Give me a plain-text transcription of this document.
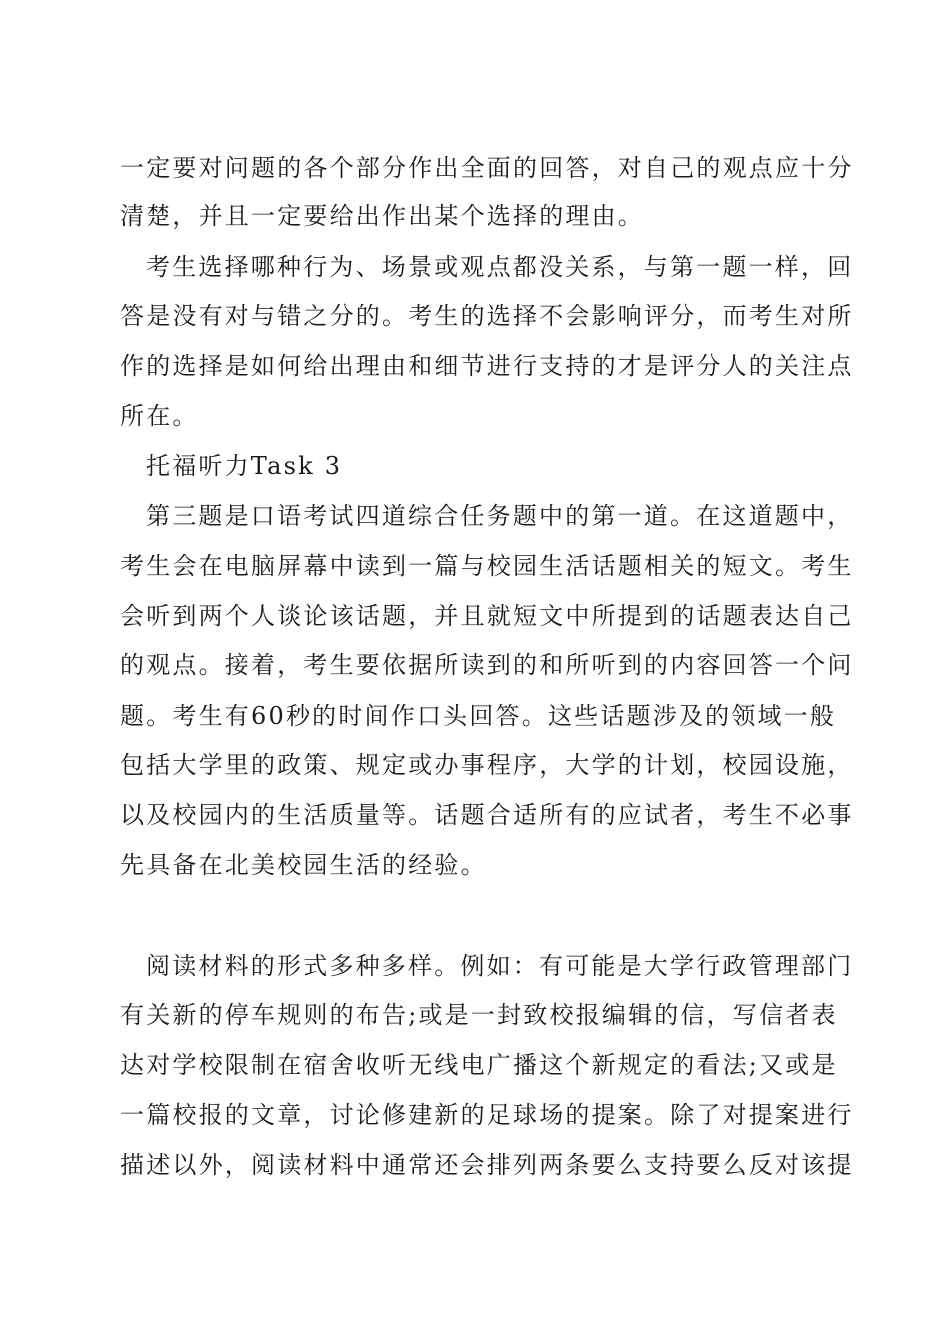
一定要对问题的各个部分作出全面的回答，对自己的观点应十分
清楚，并且一定要给出作出某个选择的理由。
考生选择哪种行为、场景或观点都没关系，与第一题一样，回
答是没有对与错之分的。考生的选择不会影响评分，而考生对所
作的选择是如何给出理由和细节进行支持的才是评分人的关注点
所在。
托福听力Task 3
第三题是口语考试四道综合任务题中的第一道。在这道题中，
考生会在电脑屏幕中读到一篇与校园生活话题相关的短文。考生
会听到两个人谈论该话题，并且就短文中所提到的话题表达自己
的观点。接着，考生要依据所读到的和所听到的内容回答一个问
题。考生有60秒的时间作口头回答。这些话题涉及的领域一般
包括大学里的政策、规定或办事程序，大学的计划，校园设施，
以及校园内的生活质量等。话题合适所有的应试者，考生不必事
先具备在北美校园生活的经验。
阅读材料的形式多种多样。例如：有可能是大学行政管理部门
有关新的停车规则的布告;或是一封致校报编辑的信，写信者表
达对学校限制在宿舍收听无线电广播这个新规定的看法;又或是
一篇校报的文章，讨论修建新的足球场的提案。除了对提案进行
描述以外，阅读材料中通常还会排列两条要么支持要么反对该提
